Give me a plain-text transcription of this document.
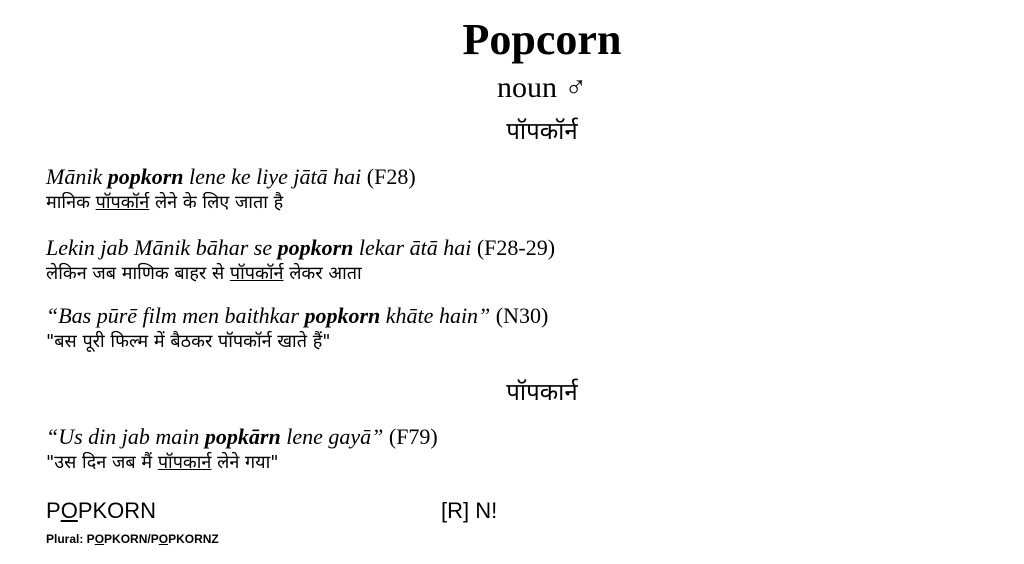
Popcorn
noun ♂
पॉपकॉर्न
Mānik popkorn lene ke liye jātā hai (F28)
मानिक पॉपकॉर्न लेने के लिए जाता है
Lekin jab Mānik bāhar se popkorn lekar ātā hai (F28-29)
लेकिन जब माणिक बाहर से पॉपकॉर्न लेकर आता
“Bas pūrē film men baithkar popkorn khāte hain” (N30)
"बस पूरी फिल्म में बैठकर पॉपकॉर्न खाते हैं"
पॉपकार्न
“Us din jab main popkārn lene gayā” (F79)
"उस दिन जब मैं पॉपकार्न लेने गया"
POPKORN	[R] N!
Plural: POPKORN/POPKORNZ
